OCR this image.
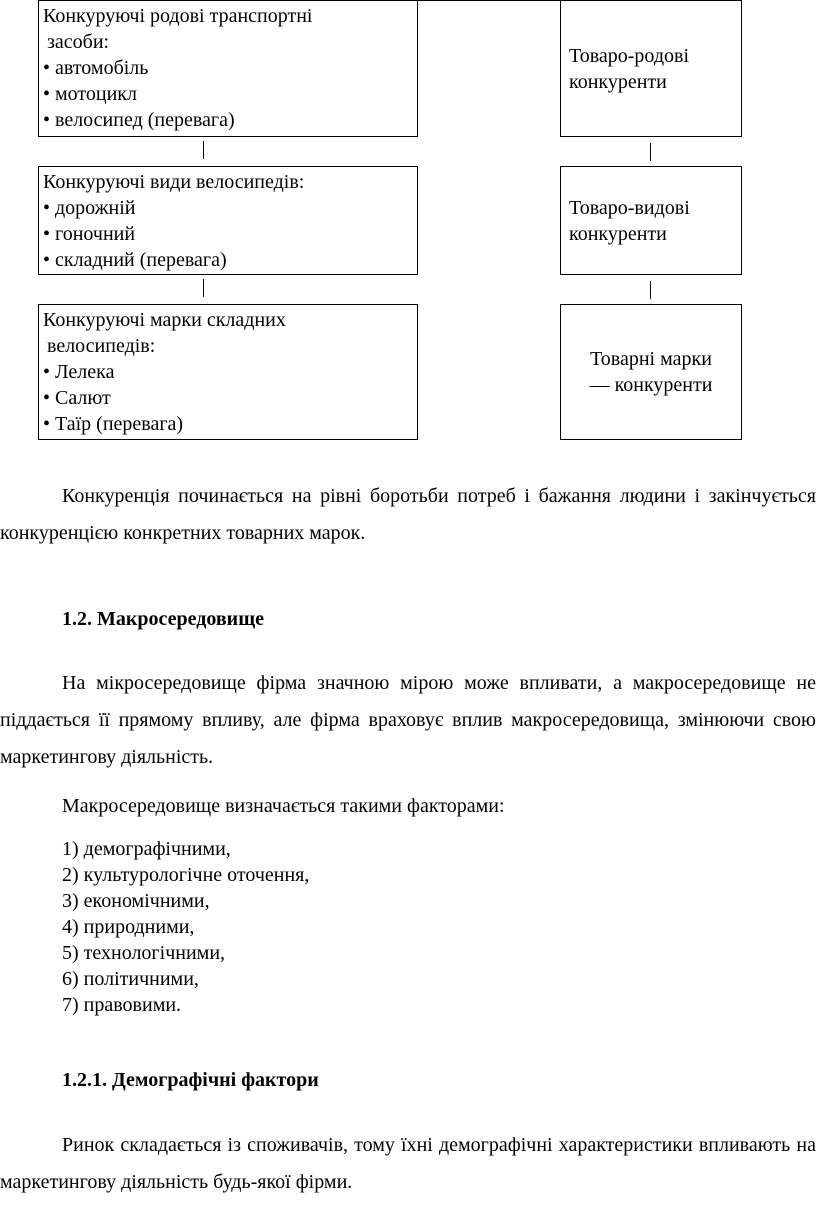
Конкуруючі родові транспортні
засоби:
• автомобіль
• мотоцикл
• велосипед (перевага)
Конкуруючі види велосипедів:
• дорожній
• гоночний
• складний (перевага)
Конкуруючі марки складних
велосипедів:
• Лелека
• Салют
• Таїр (перевага)
Товаро-родові
конкуренти
Товаро-видові
конкуренти
Товарні марки
— конкуренти

Конкуренція починається на рівні боротьби потреб і бажання людини і закінчується конкуренцією конкретних товарних марок.

1.2. Макросередовище

На мікросередовище фірма значною мірою може впливати, а макросередовище не піддається її прямому впливу, але фірма враховує вплив макросередовища, змінюючи свою маркетингову діяльність.

Макросередовище визначається такими факторами:

1) демографічними,
2) культурологічне оточення,
3) економічними,
4) природними,
5) технологічними,
6) політичними,
7) правовими.
1.2.1. Демографічні фактори

Ринок складається із споживачів, тому їхні демографічні характеристики впливають на маркетингову діяльність будь-якої фірми.
